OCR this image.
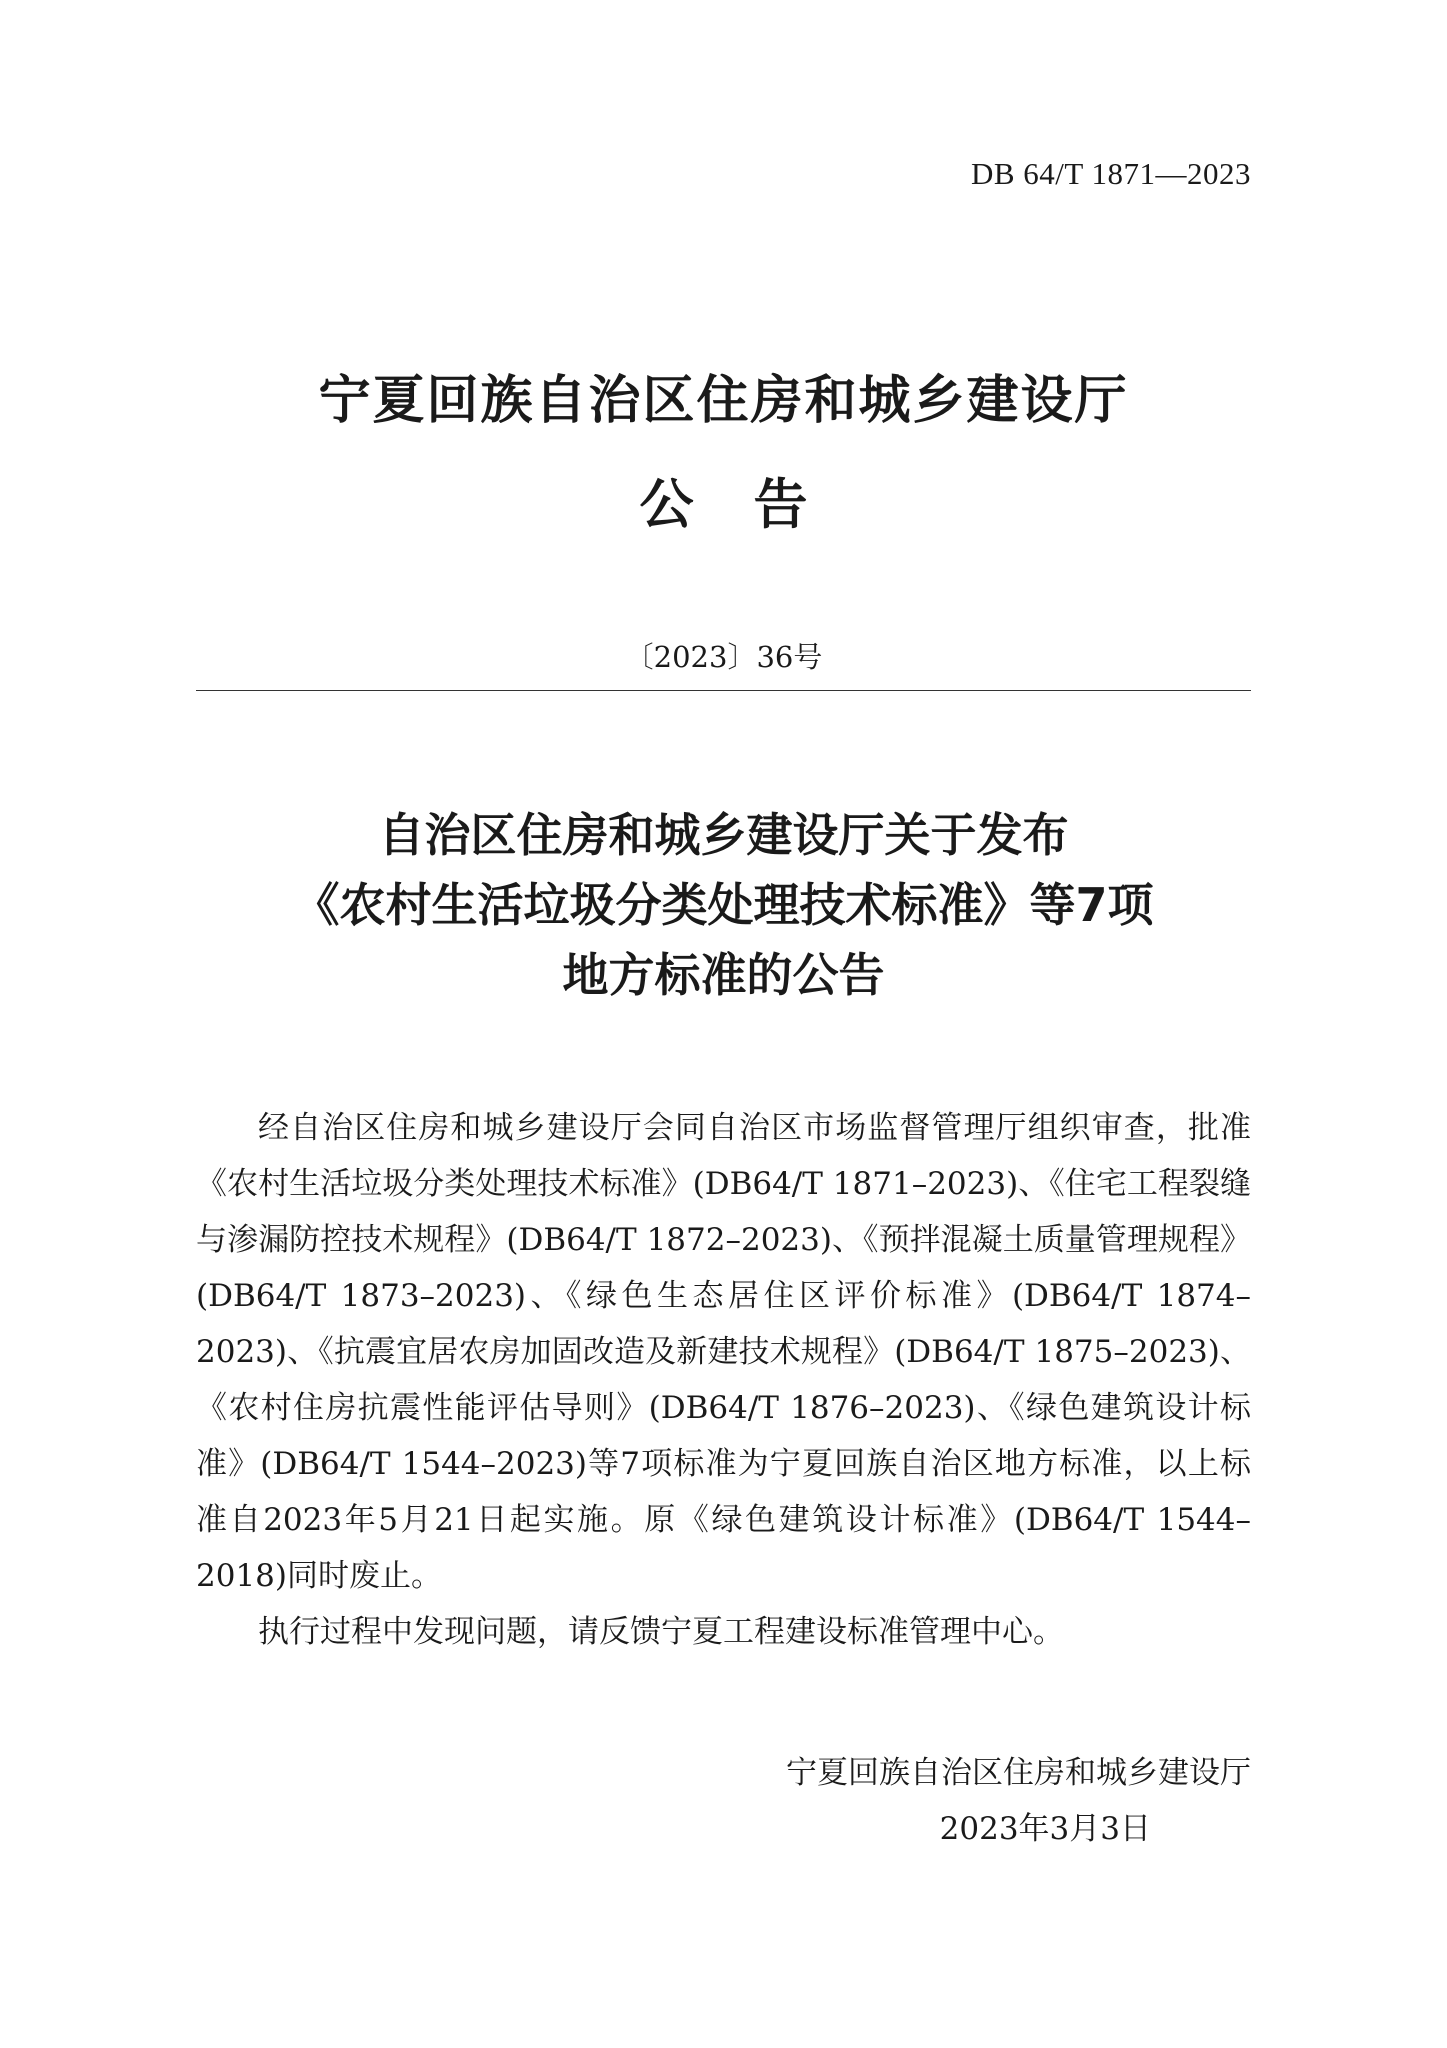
DB 64/T 1871—2023
宁夏回族自治区住房和城乡建设厅
公告
〔2023〕36号
自治区住房和城乡建设厅关于发布
《农村生活垃圾分类处理技术标准》等7项
地方标准的公告

经自治区住房和城乡建设厅会同自治区市场监督管理厅组织审查，批准《农村生活垃圾分类处理技术标准》(DB64/T 1871–2023)、《住宅工程裂缝与渗漏防控技术规程》(DB64/T 1872–2023)、《预拌混凝土质量管理规程》(DB64/T 1873–2023)、《绿色生态居住区评价标准》(DB64/T 1874–2023)、《抗震宜居农房加固改造及新建技术规程》(DB64/T 1875–2023)、《农村住房抗震性能评估导则》(DB64/T 1876–2023)、《绿色建筑设计标准》(DB64/T 1544–2023)等7项标准为宁夏回族自治区地方标准，以上标准自2023年5月21日起实施。原《绿色建筑设计标准》(DB64/T 1544–2018)同时废止。

执行过程中发现问题，请反馈宁夏工程建设标准管理中心。

宁夏回族自治区住房和城乡建设厅
2023年3月3日
